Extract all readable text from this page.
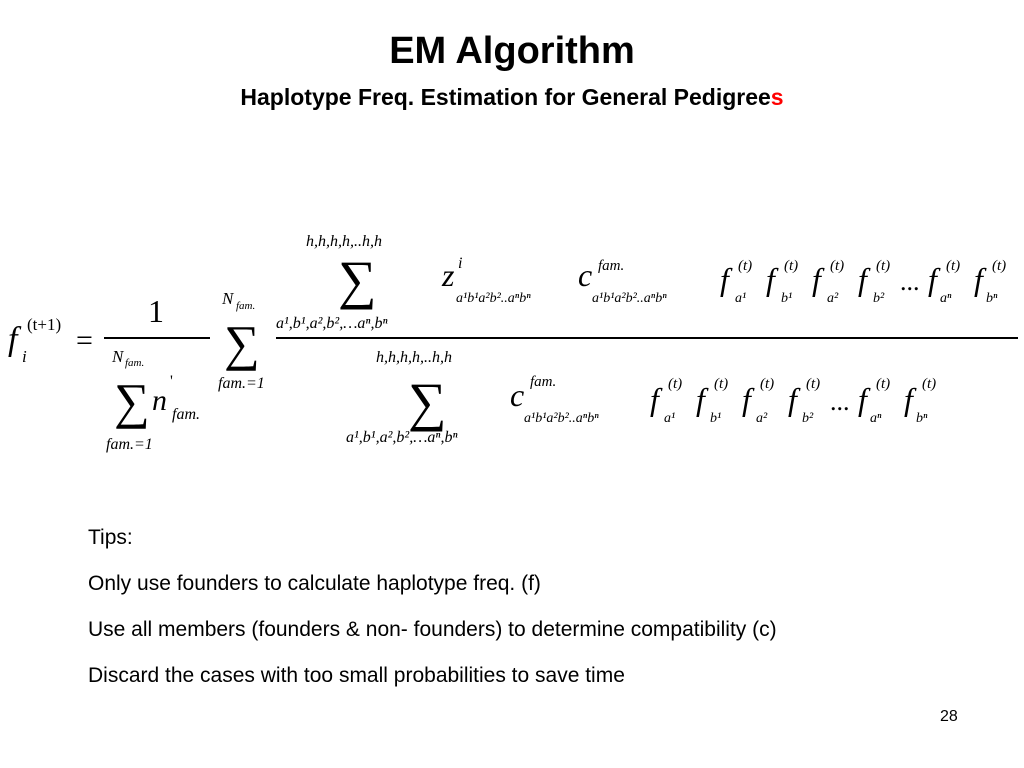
EM Algorithm
Haplotype Freq. Estimation for General Pedigrees
f (t+1)
i =
1
N fam.
∑ n
'
fam.
fam.=1
N fam.
∑
fam.=1
h,h,h,h,..h,h
∑
a¹,b¹,a²,b²,…aⁿ,bⁿ
z i
a¹b¹a²b²..aⁿbⁿ
c fam.
a¹b¹a²b²..aⁿbⁿ
f (t)
a¹
f (t)
b¹
f (t)
a²
f (t)
b²
... f (t)
aⁿ
f (t)
bⁿ
h,h,h,h,..h,h
∑
a¹,b¹,a²,b²,…aⁿ,bⁿ
c fam.
a¹b¹a²b²..aⁿbⁿ
f (t)
a¹
f (t)
b¹
f (t)
a²
f (t)
b²
... f (t)
aⁿ
f (t)
bⁿ
Tips:
Only use founders to calculate haplotype freq. (f)
Use all members (founders & non- founders) to determine compatibility (c)
Discard the cases with too small probabilities to save time
28
